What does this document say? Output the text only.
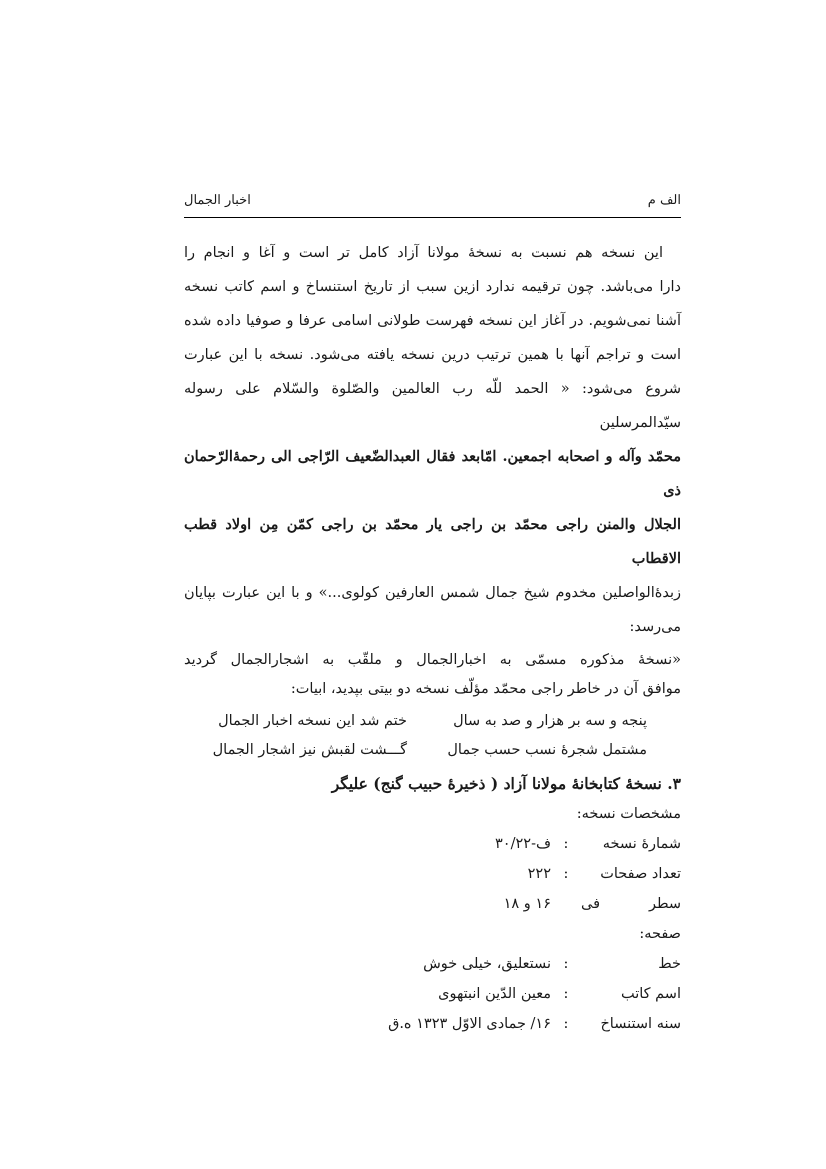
اخبار الجمال	الف م

این نسخه هم نسبت به نسخهٔ مولانا آزاد کامل تر است و آغا و انجام را

دارا می‌باشد. چون ترقیمه ندارد ازین سبب از تاریخ استنساخ و اسم کاتب نسخه

آشنا نمی‌شویم. در آغاز این نسخه فهرست طولانی اسامی عرفا و صوفیا داده شده

است و تراجم آنها با همین ترتیب درین نسخه یافته می‌شود. نسخه با این عبارت

شروع می‌شود: « الحمد للّه رب العالمین والصّلوة والسّلام علی رسوله سیّدالمرسلین

محمّد وآله و اصحابه اجمعین. امّابعد فقال العبدالضّعیف الرّاجی الی رحمۀالرّحمان ذی

الجلال والمنن راجی محمّد بن راجی یار محمّد بن راجی کمّن مِن اولاد قطب الاقطاب

زبدۀالواصلین مخدوم شیخ جمال شمس العارفین کولوی...» و با این عبارت بپایان

می‌رسد:

«نسخهٔ مذکوره مسمّی به اخبارالجمال و ملقّب به اشجارالجمال گردید

موافق آن در خاطر راجی محمّد مؤلّف نسخه دو بیتی بپدید، ابیات:

پنجه و سه بر هزار و صد به سال
ختم شد این نسخه اخبار الجمال
مشتمل شجرهٔ نسب حسب جمال
گـــشت لقبش نیز اشجار الجمال
۳. نسخهٔ کتابخانهٔ مولانا آزاد ( ذخیرهٔ حبیب گنج) علیگر
مشخصات نسخه:
شمارهٔ نسخه
:
ف-۳۰/۲۲
تعداد صفحات
:
۲۲۲
سطر فی صفحه:
۱۶ و ۱۸
خط
:
نستعلیق، خیلی خوش
اسم کاتب
:
معین الدّین انبتهوی
سنه استنساخ
:
۱۶/ جمادی الاوّل ۱۳۲۳ ه.ق
